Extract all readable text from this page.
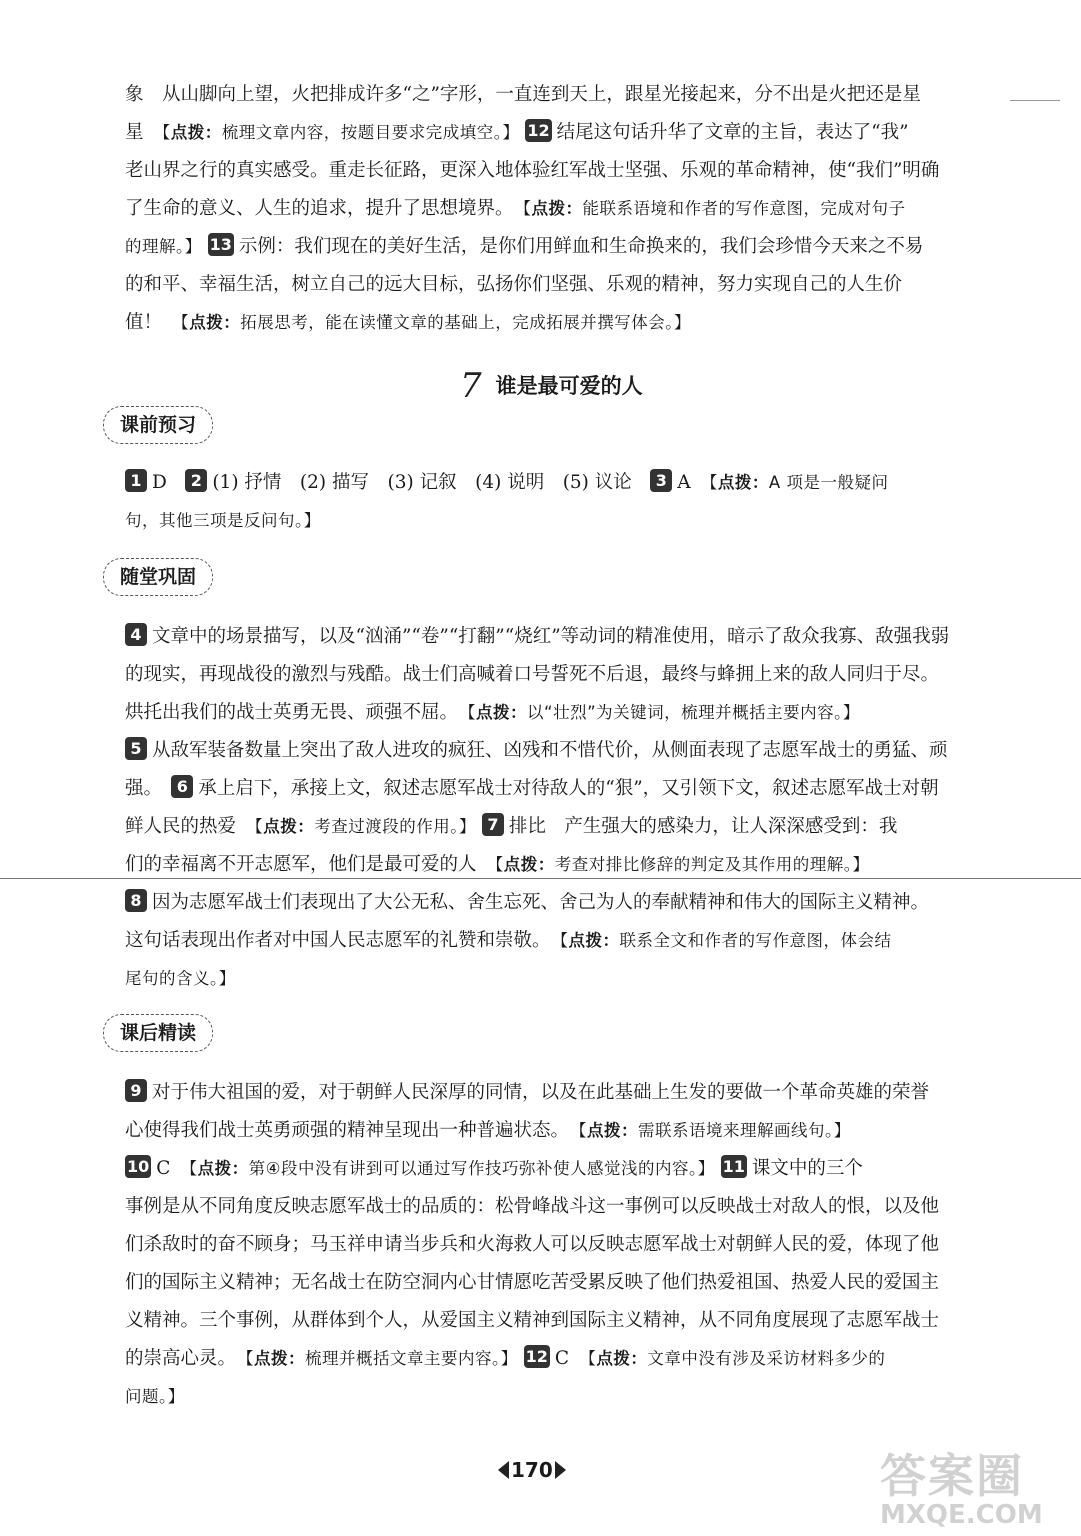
象　从山脚向上望，火把排成许多“之”字形，一直连到天上，跟星光接起来，分不出是火把还是星
星　【点拨：梳理文章内容，按题目要求完成填空。】 12 结尾这句话升华了文章的主旨，表达了“我”
老山界之行的真实感受。重走长征路，更深入地体验红军战士坚强、乐观的革命精神，使“我们”明确
了生命的意义、人生的追求，提升了思想境界。　【点拨：能联系语境和作者的写作意图，完成对句子
的理解。】 13 示例：我们现在的美好生活，是你们用鲜血和生命换来的，我们会珍惜今天来之不易
的和平、幸福生活，树立自己的远大目标，弘扬你们坚强、乐观的精神，努力实现自己的人生价
值！　【点拨：拓展思考，能在读懂文章的基础上，完成拓展并撰写体会。】
7 谁是最可爱的人
课前预习
1 D　2 (1) 抒情　(2) 描写　(3) 记叙　(4) 说明　(5) 议论　3 A　【点拨：A 项是一般疑问
句，其他三项是反问句。】
随堂巩固
4 文章中的场景描写，以及“汹涌”“卷”“打翻”“烧红”等动词的精准使用，暗示了敌众我寡、敌强我弱
的现实，再现战役的激烈与残酷。战士们高喊着口号誓死不后退，最终与蜂拥上来的敌人同归于尽。
烘托出我们的战士英勇无畏、顽强不屈。　【点拨：以“壮烈”为关键词，梳理并概括主要内容。】
5 从敌军装备数量上突出了敌人进攻的疯狂、凶残和不惜代价，从侧面表现了志愿军战士的勇猛、顽
强。　6 承上启下，承接上文，叙述志愿军战士对待敌人的“狠”，又引领下文，叙述志愿军战士对朝
鲜人民的热爱　【点拨：考查过渡段的作用。】 7 排比　产生强大的感染力，让人深深感受到：我
们的幸福离不开志愿军，他们是最可爱的人　【点拨：考查对排比修辞的判定及其作用的理解。】
8 因为志愿军战士们表现出了大公无私、舍生忘死、舍己为人的奉献精神和伟大的国际主义精神。
这句话表现出作者对中国人民志愿军的礼赞和崇敬。　【点拨：联系全文和作者的写作意图，体会结
尾句的含义。】
课后精读
9 对于伟大祖国的爱，对于朝鲜人民深厚的同情，以及在此基础上生发的要做一个革命英雄的荣誉
心使得我们战士英勇顽强的精神呈现出一种普遍状态。　【点拨：需联系语境来理解画线句。】
10 C　【点拨：第④段中没有讲到可以通过写作技巧弥补使人感觉浅的内容。】 11 课文中的三个
事例是从不同角度反映志愿军战士的品质的：松骨峰战斗这一事例可以反映战士对敌人的恨，以及他
们杀敌时的奋不顾身；马玉祥申请当步兵和火海救人可以反映志愿军战士对朝鲜人民的爱，体现了他
们的国际主义精神；无名战士在防空洞内心甘情愿吃苦受累反映了他们热爱祖国、热爱人民的爱国主
义精神。三个事例，从群体到个人，从爱国主义精神到国际主义精神，从不同角度展现了志愿军战士
的崇高心灵。　【点拨：梳理并概括文章主要内容。】 12 C　【点拨：文章中没有涉及采访材料多少的
问题。】
170	答案圈
MXQE.COM
